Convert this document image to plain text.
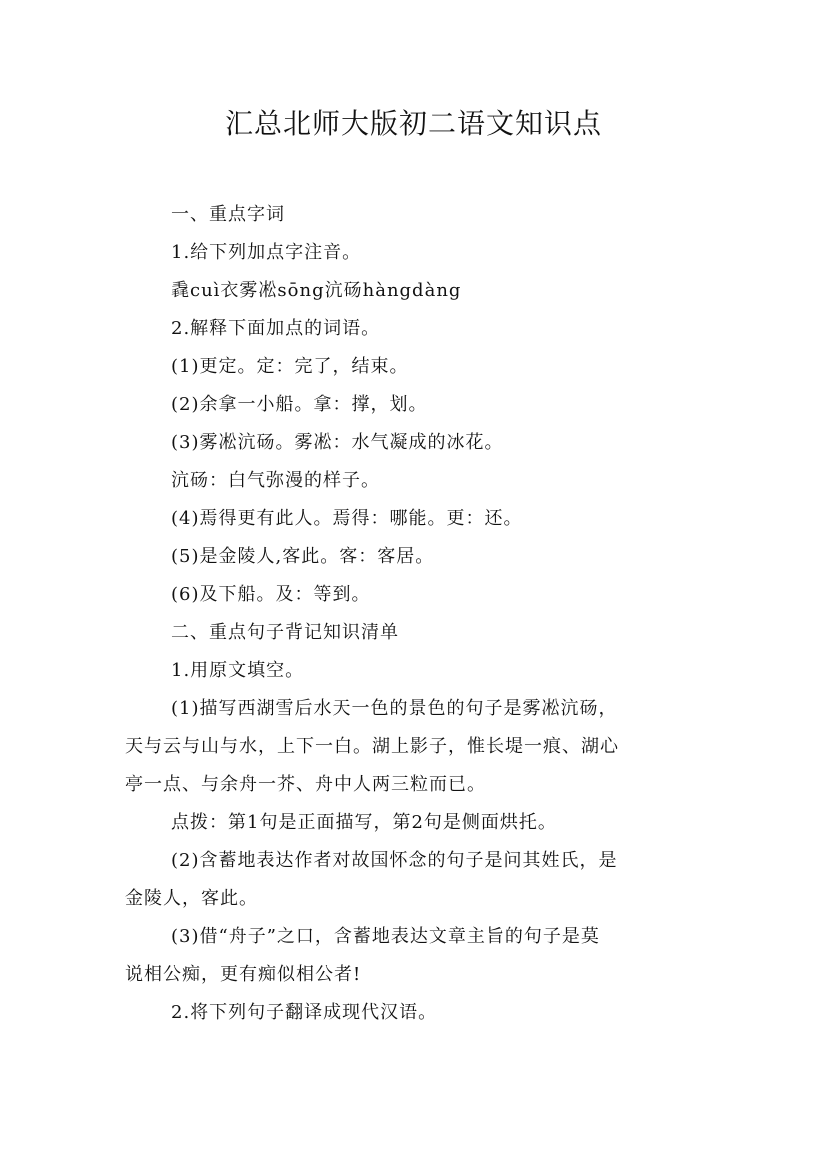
汇总北师大版初二语文知识点
一、重点字词
1.给下列加点字注音。
毳cuì衣雾凇sōng沆砀hàngdàng
2.解释下面加点的词语。
(1)更定。定：完了，结束。
(2)余拿一小船。拿：撑，划。
(3)雾凇沆砀。雾凇：水气凝成的冰花。
沆砀：白气弥漫的样子。
(4)焉得更有此人。焉得：哪能。更：还。
(5)是金陵人,客此。客：客居。
(6)及下船。及：等到。
二、重点句子背记知识清单
1.用原文填空。
(1)描写西湖雪后水天一色的景色的句子是雾凇沆砀，
天与云与山与水，上下一白。湖上影子，惟长堤一痕、湖心
亭一点、与余舟一芥、舟中人两三粒而已。
点拨：第1句是正面描写，第2句是侧面烘托。
(2)含蓄地表达作者对故国怀念的句子是问其姓氏，是
金陵人，客此。
(3)借“舟子”之口，含蓄地表达文章主旨的句子是莫
说相公痴，更有痴似相公者!
2.将下列句子翻译成现代汉语。
